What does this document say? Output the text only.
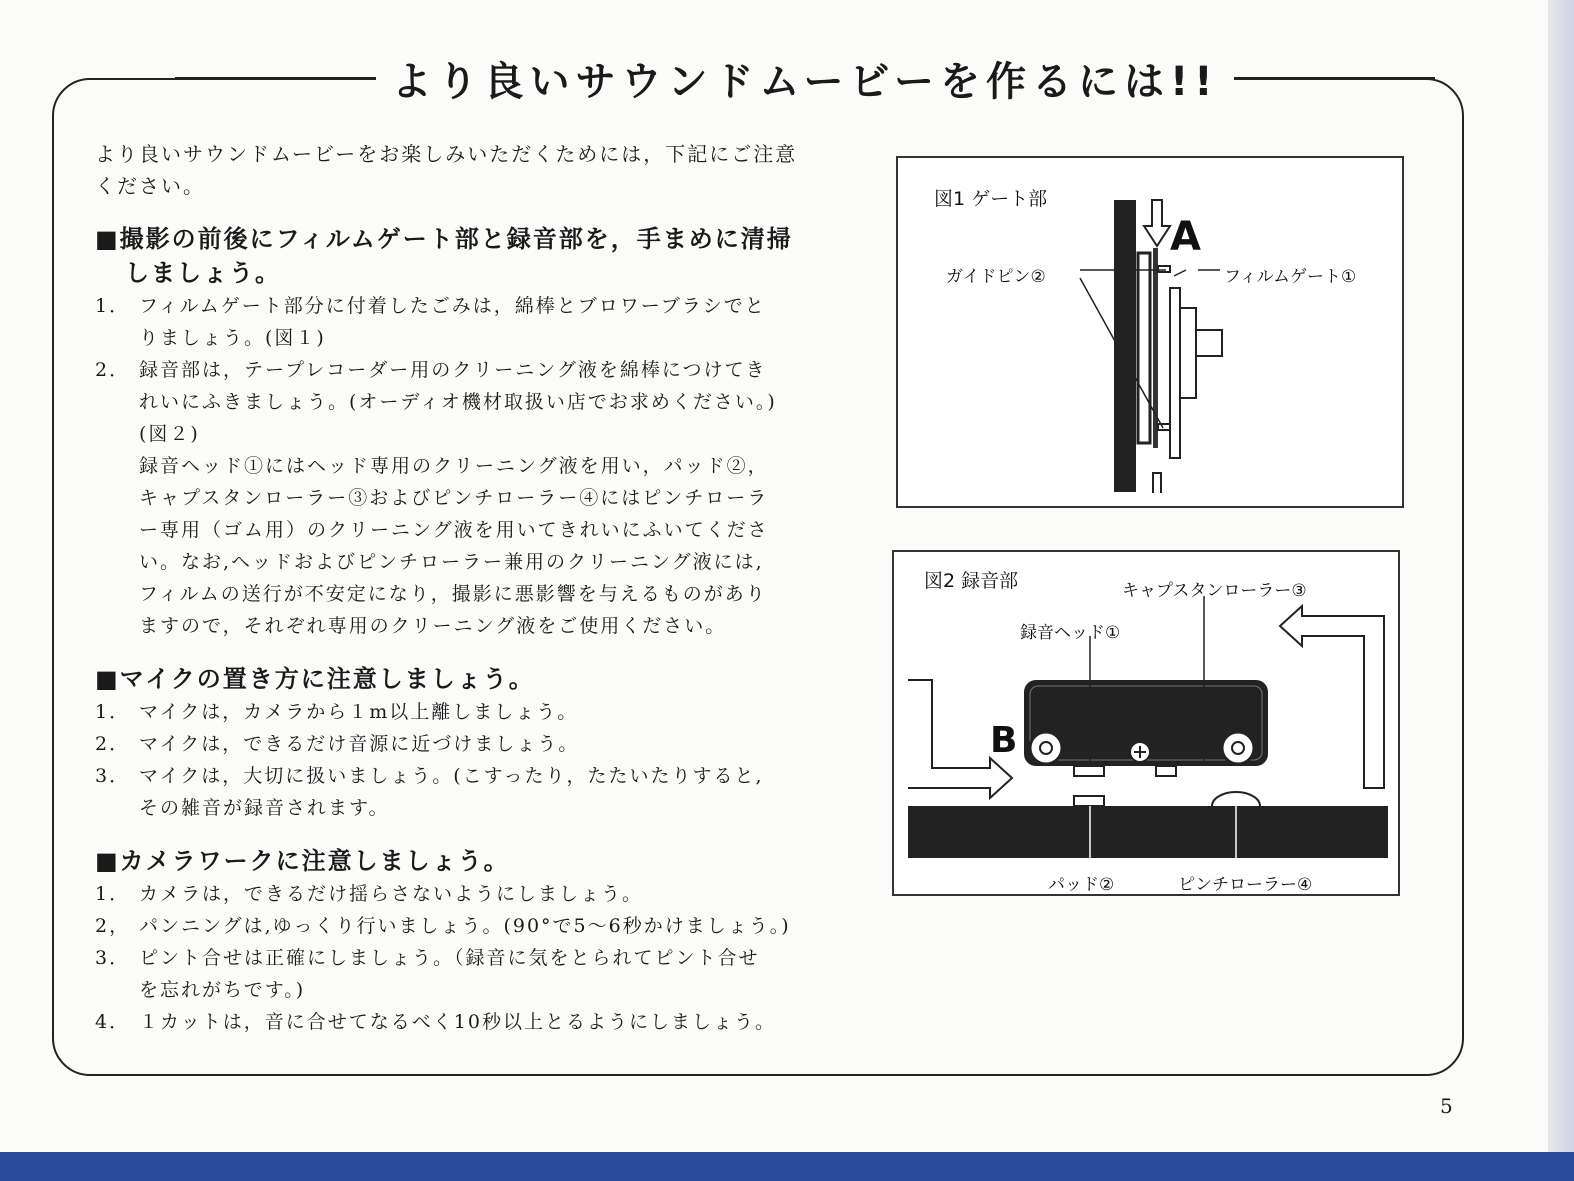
より良いサウンドムービーを作るには!!

より良いサウンドムービーをお楽しみいただくためには，下記にご注意

ください。

■撮影の前後にフィルムゲート部と録音部を，手まめに清掃

しましょう。

1． フィルムゲート部分に付着したごみは，綿棒とブロワーブラシでと
りましょう。(図１)
2． 録音部は，テープレコーダー用のクリーニング液を綿棒につけてき
れいにふきましょう。(オーディオ機材取扱い店でお求めください。)
(図２)
録音ヘッド①にはヘッド専用のクリーニング液を用い，パッド②，
キャプスタンローラー③およびピンチローラー④にはピンチローラ
ー専用（ゴム用）のクリーニング液を用いてきれいにふいてくださ
い。なお,ヘッドおよびピンチローラー兼用のクリーニング液には,
フィルムの送行が不安定になり，撮影に悪影響を与えるものがあり
ますので，それぞれ専用のクリーニング液をご使用ください。

■マイクの置き方に注意しましょう。

1． マイクは，カメラから１m以上離しましょう。
2． マイクは，できるだけ音源に近づけましょう。
3． マイクは，大切に扱いましょう。(こすったり，たたいたりすると,
その雑音が録音されます。

■カメラワークに注意しましょう。

1． カメラは，できるだけ揺らさないようにしましょう。
2， パンニングは,ゆっくり行いましょう。(90°で5～6秒かけましょう。)
3． ピント合せは正確にしましょう。（録音に気をとられてピント合せ
を忘れがちです。)
4． １カットは，音に合せてなるべく10秒以上とるようにしましょう。
図1 ゲート部
ガイドピン②	フィルムゲート①
A
図2 録音部	キャプスタンローラー③
録音ヘッド①
パッド②	ピンチローラー④
B
5
